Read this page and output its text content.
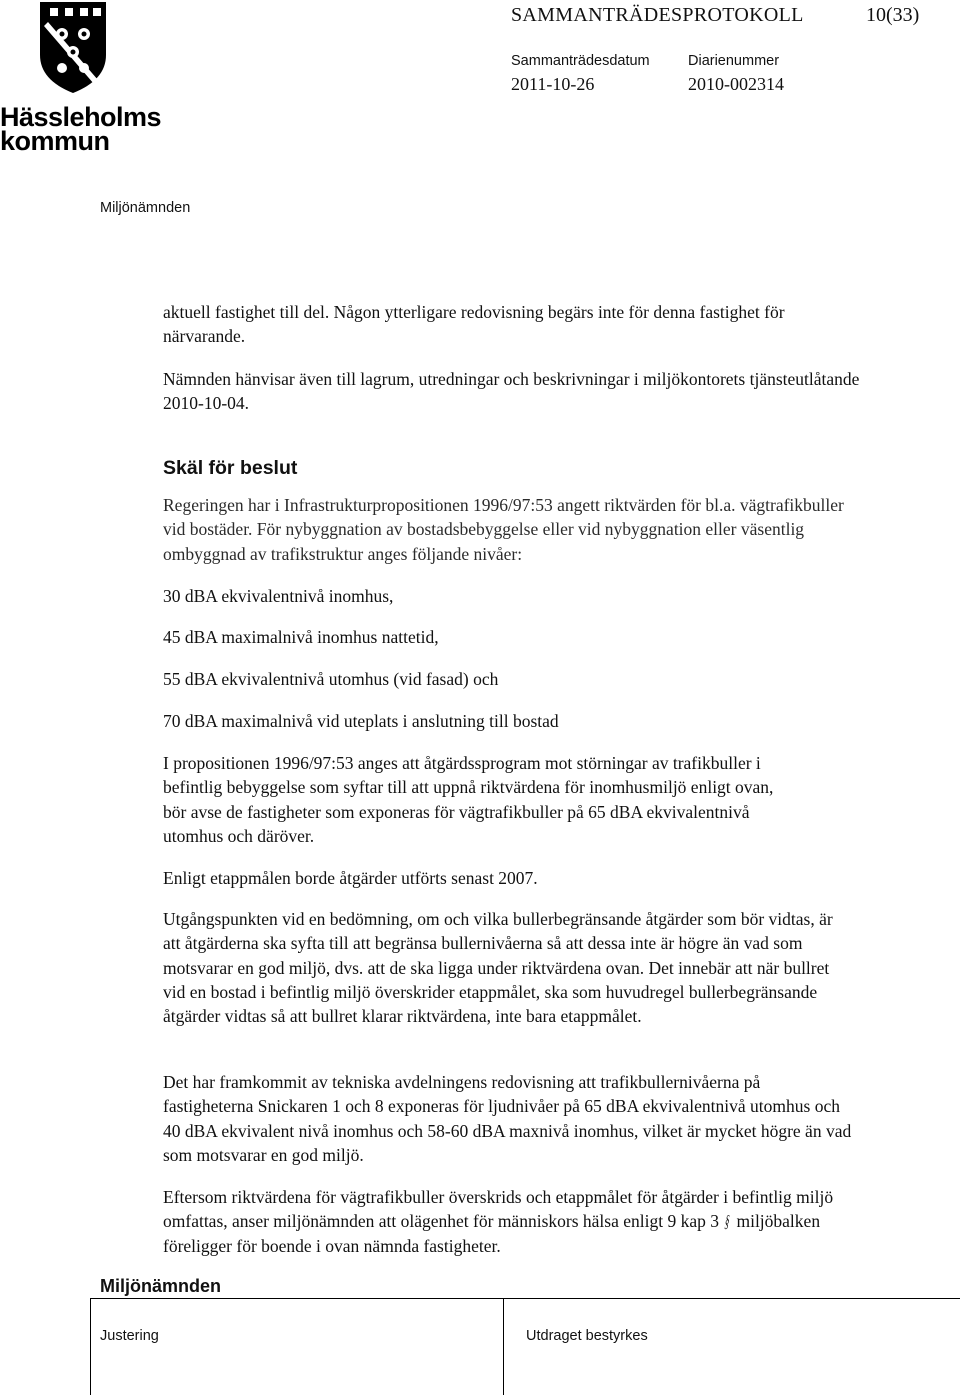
Hässleholms
kommun
SAMMANTRÄDESPROTOKOLL	10(33)
Sammanträdesdatum
2011-10-26
Diarienummer
2010-002314
Miljönämnden

aktuell fastighet till del. Någon ytterligare redovisning begärs inte för denna fastighet för närvarande.

Nämnden hänvisar även till lagrum, utredningar och beskrivningar i miljökontorets tjänsteutlåtande 2010-10-04.

Skäl för beslut

Regeringen har i Infrastrukturpropositionen 1996/97:53 angett riktvärden för bl.a. vägtrafikbuller vid bostäder. För nybyggnation av bostadsbebyggelse eller vid nybyggnation eller väsentlig ombyggnad av trafikstruktur anges följande nivåer:

30 dBA ekvivalentnivå inomhus,

45 dBA maximalnivå inomhus nattetid,

55 dBA ekvivalentnivå utomhus (vid fasad) och

70 dBA maximalnivå vid uteplats i anslutning till bostad

I propositionen 1996/97:53 anges att åtgärdssprogram mot störningar av trafikbuller i befintlig bebyggelse som syftar till att uppnå riktvärdena för inomhusmiljö enligt ovan, bör avse de fastigheter som exponeras för vägtrafikbuller på 65 dBA ekvivalentnivå utomhus och däröver.

Enligt etappmålen borde åtgärder utförts senast 2007.

Utgångspunkten vid en bedömning, om och vilka bullerbegränsande åtgärder som bör vidtas, är att åtgärderna ska syfta till att begränsa bullernivåerna så att dessa inte är högre än vad som motsvarar en god miljö, dvs. att de ska ligga under riktvärdena ovan. Det innebär att när bullret vid en bostad i befintlig miljö överskrider etappmålet, ska som huvudregel bullerbegränsande åtgärder vidtas så att bullret klarar riktvärdena, inte bara etappmålet.

Det har framkommit av tekniska avdelningens redovisning att trafikbullernivåerna på fastigheterna Snickaren 1 och 8 exponeras för ljudnivåer på 65 dBA ekvivalentnivå utomhus och 40 dBA ekvivalent nivå inomhus och 58-60 dBA maxnivå inomhus, vilket är mycket högre än vad som motsvarar en god miljö.

Eftersom riktvärdena för vägtrafikbuller överskrids och etappmålet för åtgärder i befintlig miljö omfattas, anser miljönämnden att olägenhet för människors hälsa enligt 9 kap 3 § miljöbalken föreligger för boende i ovan nämnda fastigheter.

Miljönämnden
Justering	Utdraget bestyrkes
